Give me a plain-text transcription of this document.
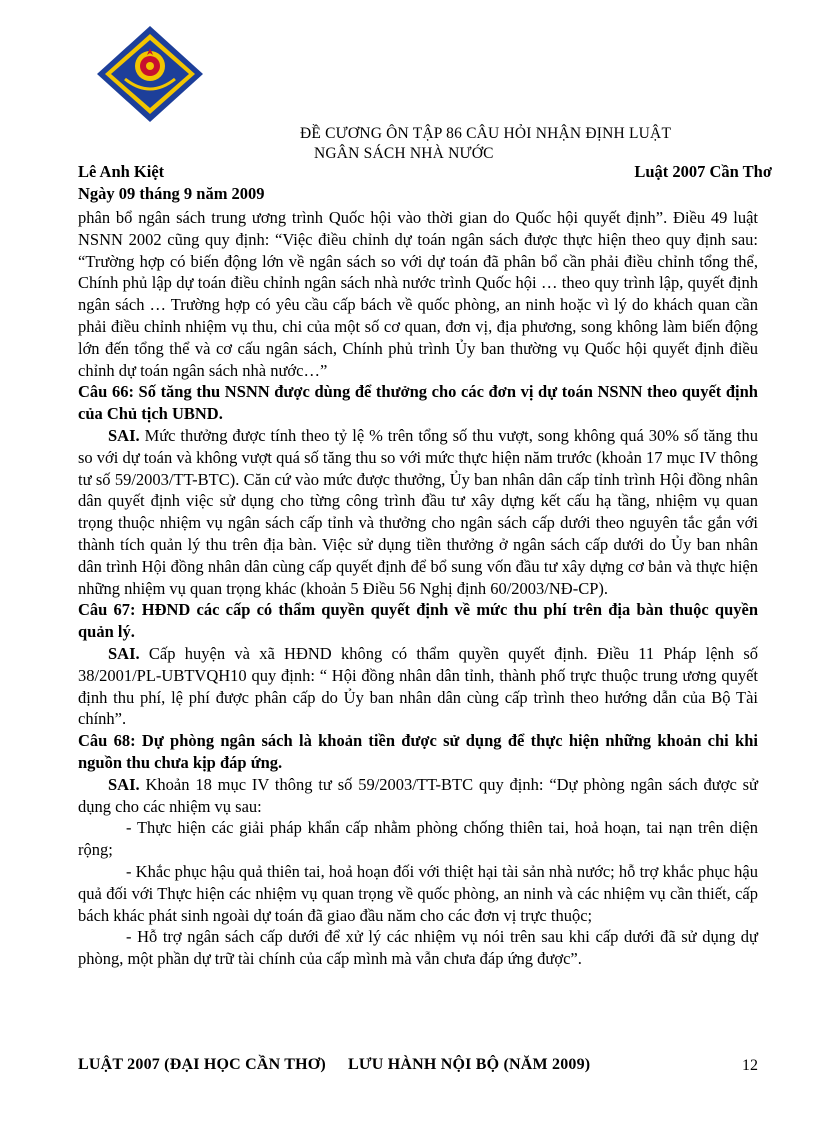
ĐỀ CƯƠNG ÔN TẬP 86 CÂU HỎI NHẬN ĐỊNH LUẬT
NGÂN SÁCH NHÀ NƯỚC
Lê Anh Kiệt	Luật 2007 Cần Thơ
Ngày 09 tháng 9 năm 2009

phân bổ ngân sách trung ương trình Quốc hội vào thời gian do Quốc hội quyết định”. Điều 49 luật NSNN 2002 cũng quy định: “Việc điều chỉnh dự toán ngân sách được thực hiện theo quy định sau: “Trường hợp có biến động lớn về ngân sách so với dự toán đã phân bổ cần phải điều chỉnh tổng thể, Chính phủ lập dự toán điều chỉnh ngân sách nhà nước trình Quốc hội … theo quy trình lập, quyết định ngân sách … Trường hợp có yêu cầu cấp bách về quốc phòng, an ninh hoặc vì lý do khách quan cần phải điều chỉnh nhiệm vụ thu, chi của một số cơ quan, đơn vị, địa phương, song không làm biến động lớn đến tổng thể và cơ cấu ngân sách, Chính phủ trình Ủy ban thường vụ Quốc hội quyết định điều chỉnh dự toán ngân sách nhà nước…”

Câu 66: Số tăng thu NSNN được dùng để thưởng cho các đơn vị dự toán NSNN theo quyết định của Chủ tịch UBND.

SAI. Mức thưởng được tính theo tỷ lệ % trên tổng số thu vượt, song không quá 30% số tăng thu so với dự toán và không vượt quá số tăng thu so với mức thực hiện năm trước (khoản 17 mục IV thông tư số 59/2003/TT-BTC). Căn cứ vào mức được thưởng, Ủy ban nhân dân cấp tỉnh trình Hội đồng nhân dân quyết định việc sử dụng cho từng công trình đầu tư xây dựng kết cấu hạ tầng, nhiệm vụ quan trọng thuộc nhiệm vụ ngân sách cấp tỉnh và thưởng cho ngân sách cấp dưới theo nguyên tắc gắn với thành tích quản lý thu trên địa bàn. Việc sử dụng tiền thưởng ở ngân sách cấp dưới do Ủy ban nhân dân trình Hội đồng nhân dân cùng cấp quyết định để bổ sung vốn đầu tư xây dựng cơ bản và thực hiện những nhiệm vụ quan trọng khác (khoản 5 Điều 56 Nghị định 60/2003/NĐ-CP).

Câu 67: HĐND các cấp có thẩm quyền quyết định về mức thu phí trên địa bàn thuộc quyền quản lý.

SAI. Cấp huyện và xã HĐND không có thẩm quyền quyết định. Điều 11 Pháp lệnh số 38/2001/PL-UBTVQH10 quy định: “ Hội đồng nhân dân tỉnh, thành phố trực thuộc trung ương quyết định thu phí, lệ phí được phân cấp do Ủy ban nhân dân cùng cấp trình theo hướng dẫn của Bộ Tài chính”.

Câu 68: Dự phòng ngân sách là khoản tiền được sử dụng để thực hiện những khoản chi khi nguồn thu chưa kịp đáp ứng.

SAI. Khoản 18 mục IV thông tư số 59/2003/TT-BTC quy định: “Dự phòng ngân sách được sử dụng cho các nhiệm vụ sau:

- Thực hiện các giải pháp khẩn cấp nhằm phòng chống thiên tai, hoả hoạn, tai nạn trên diện rộng;

- Khắc phục hậu quả thiên tai, hoả hoạn đối với thiệt hại tài sản nhà nước; hỗ trợ khắc phục hậu quả đối với Thực hiện các nhiệm vụ quan trọng về quốc phòng, an ninh và các nhiệm vụ cần thiết, cấp bách khác phát sinh ngoài dự toán đã giao đầu năm cho các đơn vị trực thuộc;

- Hỗ trợ ngân sách cấp dưới để xử lý các nhiệm vụ nói trên sau khi cấp dưới đã sử dụng dự phòng, một phần dự trữ tài chính của cấp mình mà vẫn chưa đáp ứng được”.

LUẬT 2007 (ĐẠI HỌC CẦN THƠ) LƯU HÀNH NỘI BỘ (NĂM 2009)	12
